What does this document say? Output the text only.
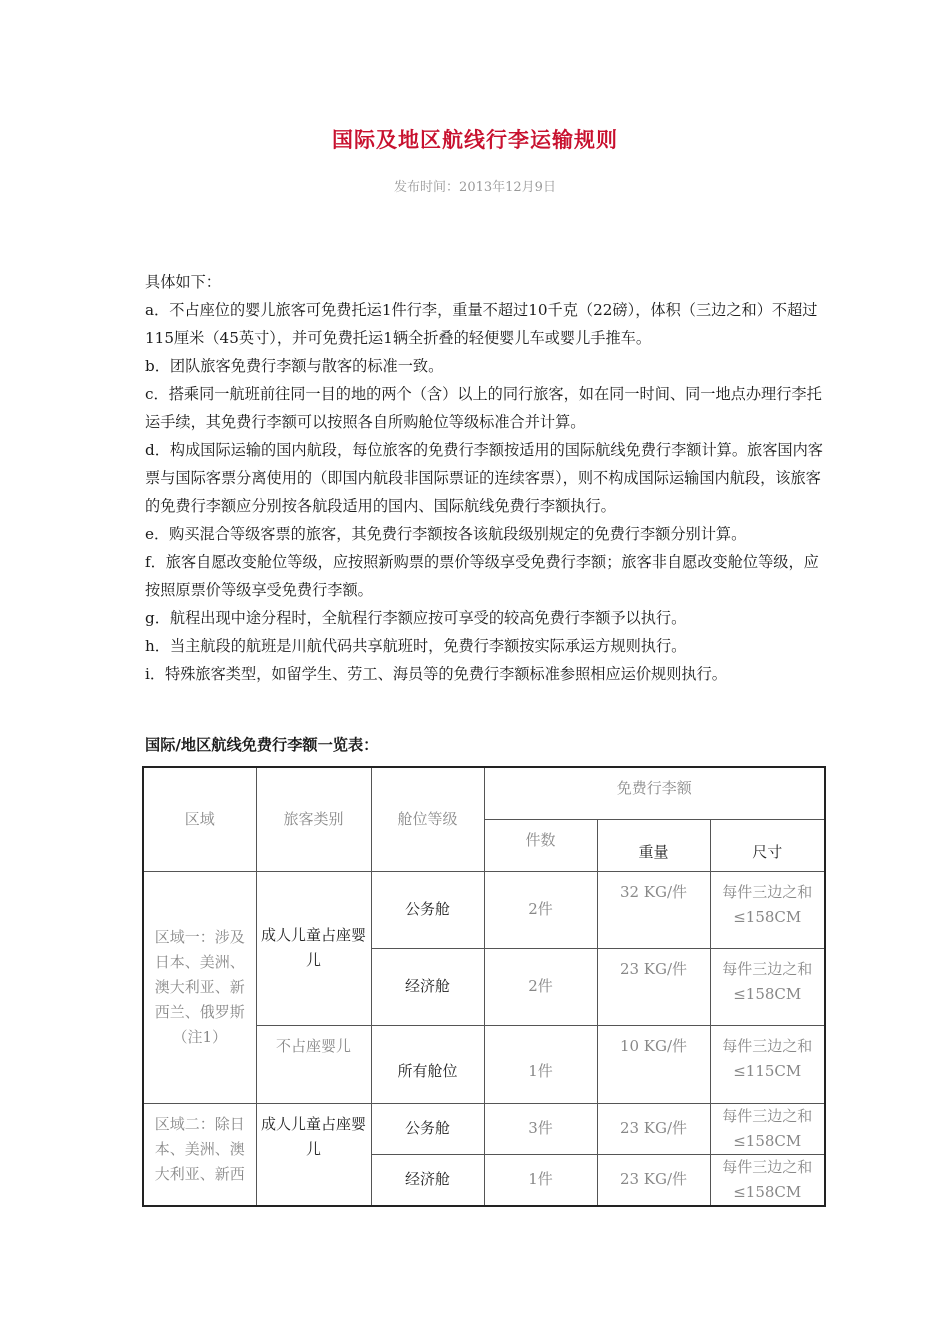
国际及地区航线行李运输规则
发布时间：2013年12月9日

具体如下：

a．不占座位的婴儿旅客可免费托运1件行李，重量不超过10千克（22磅），体积（三边之和）不超过115厘米（45英寸），并可免费托运1辆全折叠的轻便婴儿车或婴儿手推车。

b．团队旅客免费行李额与散客的标准一致。

c．搭乘同一航班前往同一目的地的两个（含）以上的同行旅客，如在同一时间、同一地点办理行李托运手续，其免费行李额可以按照各自所购舱位等级标准合并计算。

d．构成国际运输的国内航段，每位旅客的免费行李额按适用的国际航线免费行李额计算。旅客国内客票与国际客票分离使用的（即国内航段非国际票证的连续客票），则不构成国际运输国内航段，该旅客的免费行李额应分别按各航段适用的国内、国际航线免费行李额执行。

e．购买混合等级客票的旅客，其免费行李额按各该航段级别规定的免费行李额分别计算。

f．旅客自愿改变舱位等级，应按照新购票的票价等级享受免费行李额；旅客非自愿改变舱位等级，应按照原票价等级享受免费行李额。

g．航程出现中途分程时，全航程行李额应按可享受的较高免费行李额予以执行。

h．当主航段的航班是川航代码共享航班时，免费行李额按实际承运方规则执行。

i．特殊旅客类型，如留学生、劳工、海员等的免费行李额标准参照相应运价规则执行。

国际/地区航线免费行李额一览表：
区域	旅客类别	舱位等级	免费行李额		
			件数	重量	尺寸
区域一：涉及日本、美洲、澳大利亚、新西兰、俄罗斯（注1）	成人儿童占座婴儿	公务舱	2件	32 KG/件	每件三边之和≤158CM
		经济舱	2件	23 KG/件	每件三边之和≤158CM
	不占座婴儿	所有舱位	1件	10 KG/件	每件三边之和≤115CM
区域二：除日本、美洲、澳大利亚、新西	成人儿童占座婴儿	公务舱	3件	23 KG/件	每件三边之和≤158CM
		经济舱	1件	23 KG/件	每件三边之和≤158CM
